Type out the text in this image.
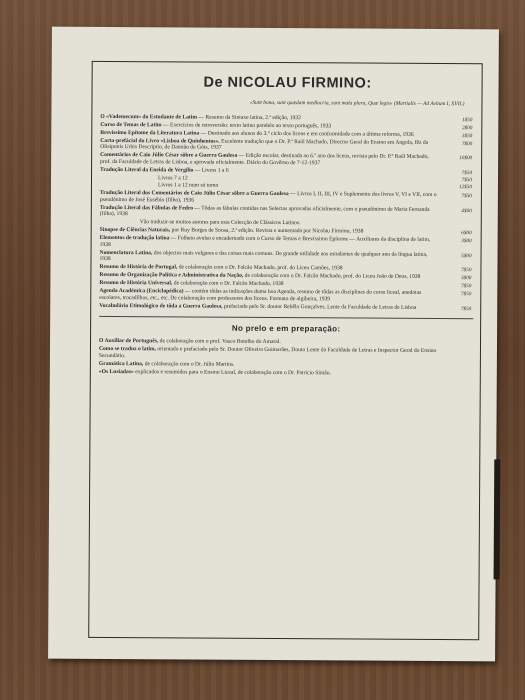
De NICOLAU FIRMINO:
«Sunt bona, sunt quædam mediocria, sunt mala plura, Quæ legis» (Martialis — Ad Avitum I, XVII.)
O «Vademecum» do Estudante de Latim — Resumo da Sintaxe latina, 2.ª edição, 1932	1$50
Curso de Temas de Latim — Exercícios de retroversão: texto latino paralelo ao texto português, 1933	2$00
Brevíssimo Epítome da Literatura Latina — Destinado aos alunos do 3.º ciclo dos liceus e em conformidade com a última reforma, 1936	3$50
Carta-prefácial do Livro «Lisboa de Quinhentos». Excelente tradução que o Dr. P.ª Raúl Machado, Director Geral do Ensino em Angola, fêz da Olisiponis Urbis Descriptio, de Damião de Góis, 1937
7$00
Comentários de Caio Júlio César sôbre a Guerra Gaulesa — Edição escolar, destinada ao 6.º ano dos liceus, revista pelo Dr. P.ª Raúl Machado, prof. da Faculdade de Letras de Lisboa, e aprovada oficialmente. Diário do Govêrno de 7-12-1937
10$00
Tradução Literal da Eneida de Vergílio — Livros 1 a 6	7$50
Livros 7 a 12	7$50
Livros 1 a 12 num só tomo	12$50
Tradução Literal dos Comentários de Caio Júlio César sôbre a Guerra Gaulesa — Livros I, II, III, IV e Suplemento dos livros V, VI e VII, com o pseudónimo de José Eusébio (filho), 1936
7$50
Tradução Literal das Fábulas de Fedro — Tôdas as fábulas contidas nas Selectas aprovadas oficialmente, com o pseudónimo de Maria Fernanda (filha), 1938
4$00
Vão traduzir-se muitos autores para esta Colecção de Clássicos Latinos.
Sinopse de Ciências Naturais, por Ruy Borges de Sousa, 2.ª edição. Revista e aumentada por Nicolau Firmino, 1938	6$00
Elementos de tradução latina — Folheto avulso e encadernado com o Curso de Temas e Brevíssimo Epítome — Auxiliares da disciplina de latim, 1938
3$00
Nomenclatura Latina, dos objectos mais vulgares e das coisas mais comuns. De grande utilidade aos estudantes de qualquer ano da língua latina, 1938
5$00
Resumo de História de Portugal, de colaboração com o Dr. Falcão Machado, prof. do Liceu Camões, 1938	7$50
Resumo de Organização Política e Administrativa da Nação, de colaboração com o Dr. Falcão Machado, prof. do Liceu João de Deus, 1938	3$00
Resumo de História Universal, de colaboração com o Dr. Falcão Machado, 1938	7$50
Agenda Académica (Enciclopédica) — contém tôdas as indicações duma boa Agenda, resumo de tôdas as disciplinas do curso liceal, anedotas escolares, trocadilhos, etc., etc. De colaboração com professores dos liceus. Formato de algibeira, 1939
7$50
Vocabulário Etimológico de tôda a Guerra Gaulesa, prefaciado pelo Sr. doutor Rebêlo Gonçalves, Lente da Faculdade de Letras de Lisboa	7$50
No prelo e em preparação:
O Auxiliar de Português, de colaboração com o prof. Vasco Botelho do Amaral.
Como se traduz o latim, orientado e prefaciado pelo Sr. Doutor Oliveira Guimarães, Douto Lente da Faculdade de Letras e Inspector Geral do Ensino Secundário.
Gramática Latina, de colaboração com o Dr. Júlio Martins.
«Os Lusíadas» explicados e resumidos para o Ensino Liceal, de colaboração com o Dr. Patrício Simão.
